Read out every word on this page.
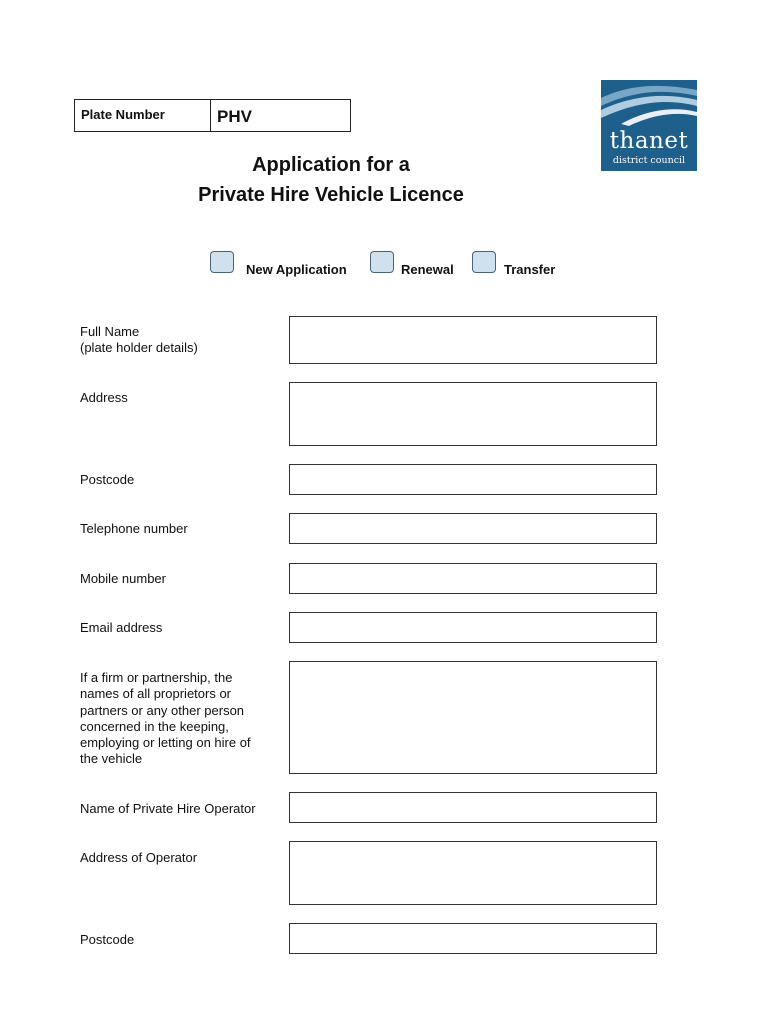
Plate Number	PHV
thanet
district council
Application for a
Private Hire Vehicle Licence
New Application	Renewal	Transfer
Full Name
(plate holder details)
Address
Postcode
Telephone number
Mobile number
Email address
If a firm or partnership, the
names of all proprietors or
partners or any other person
concerned in the keeping,
employing or letting on hire of
the vehicle
Name of Private Hire Operator
Address of Operator
Postcode
